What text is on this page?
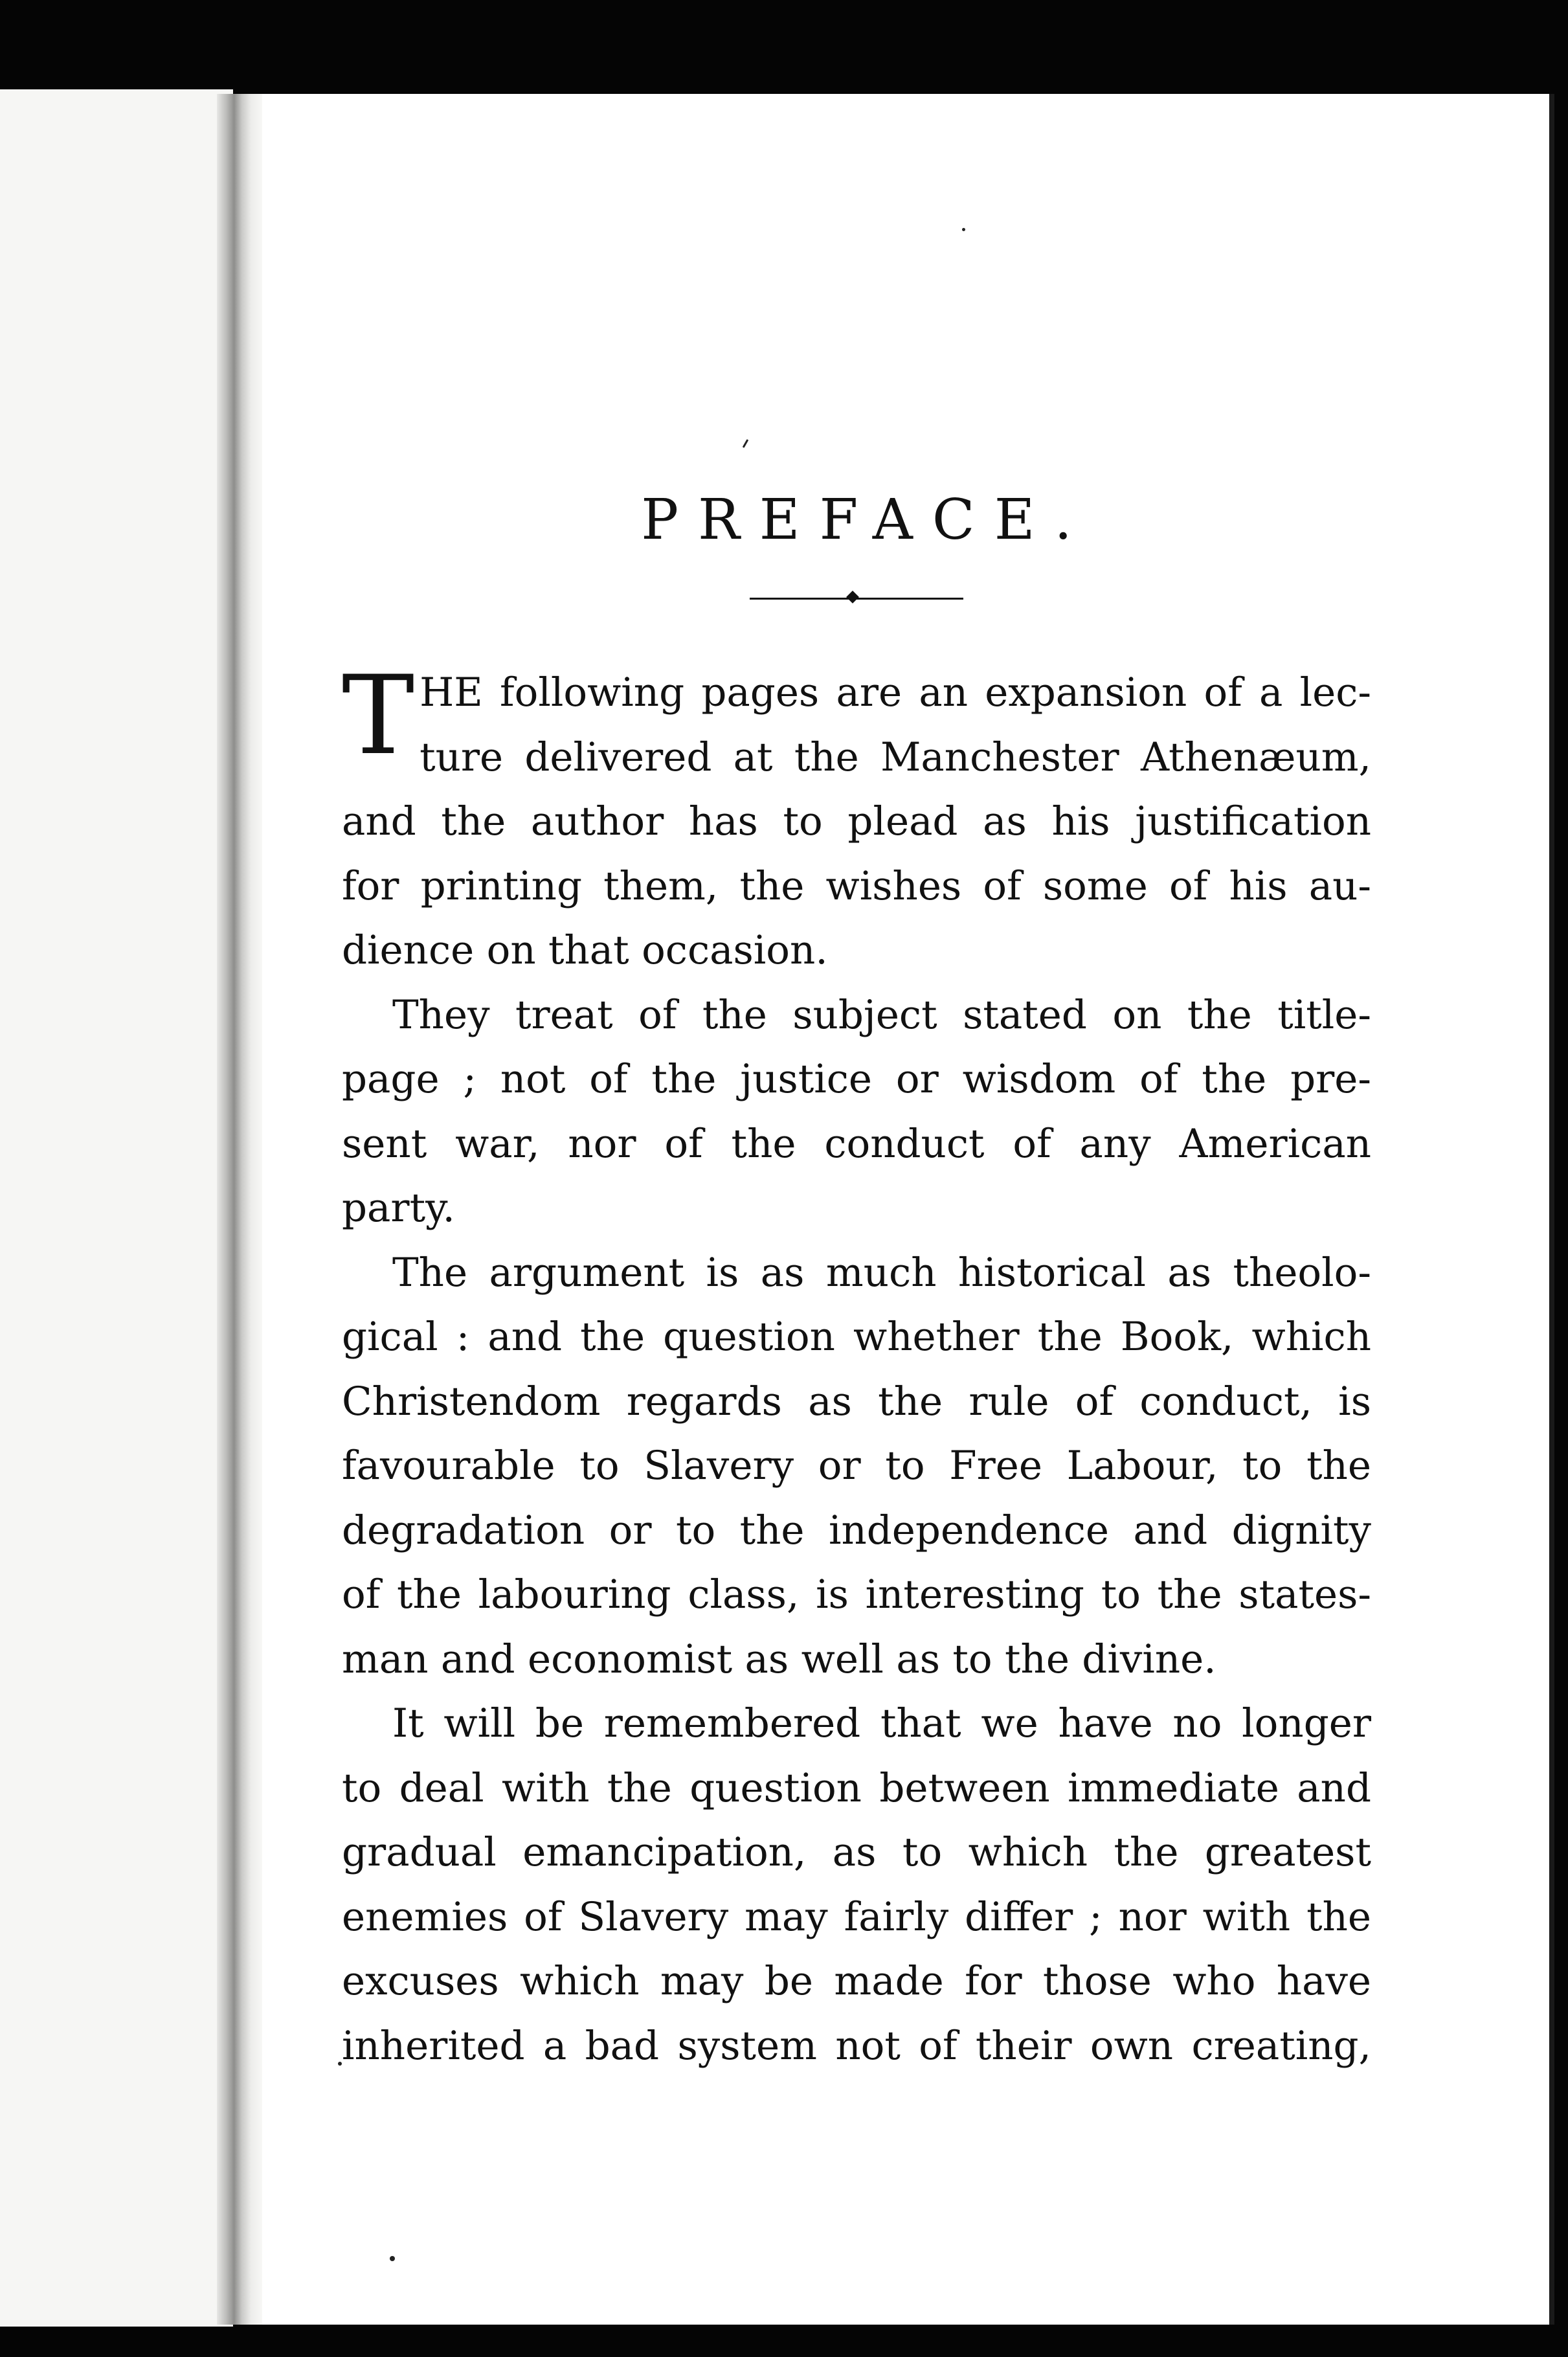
PREFACE.
T HE following pages are an expansion of a lec-
ture delivered at the Manchester Athenæum,
and the author has to plead as his justification
for printing them, the wishes of some of his au-
dience on that occasion.
They treat of the subject stated on the title-
page ; not of the justice or wisdom of the pre-
sent war, nor of the conduct of any American
party.
The argument is as much historical as theolo-
gical : and the question whether the Book, which
Christendom regards as the rule of conduct, is
favourable to Slavery or to Free Labour, to the
degradation or to the independence and dignity
of the labouring class, is interesting to the states-
man and economist as well as to the divine.
It will be remembered that we have no longer
to deal with the question between immediate and
gradual emancipation, as to which the greatest
enemies of Slavery may fairly differ ; nor with the
excuses which may be made for those who have
inherited a bad system not of their own creating,
